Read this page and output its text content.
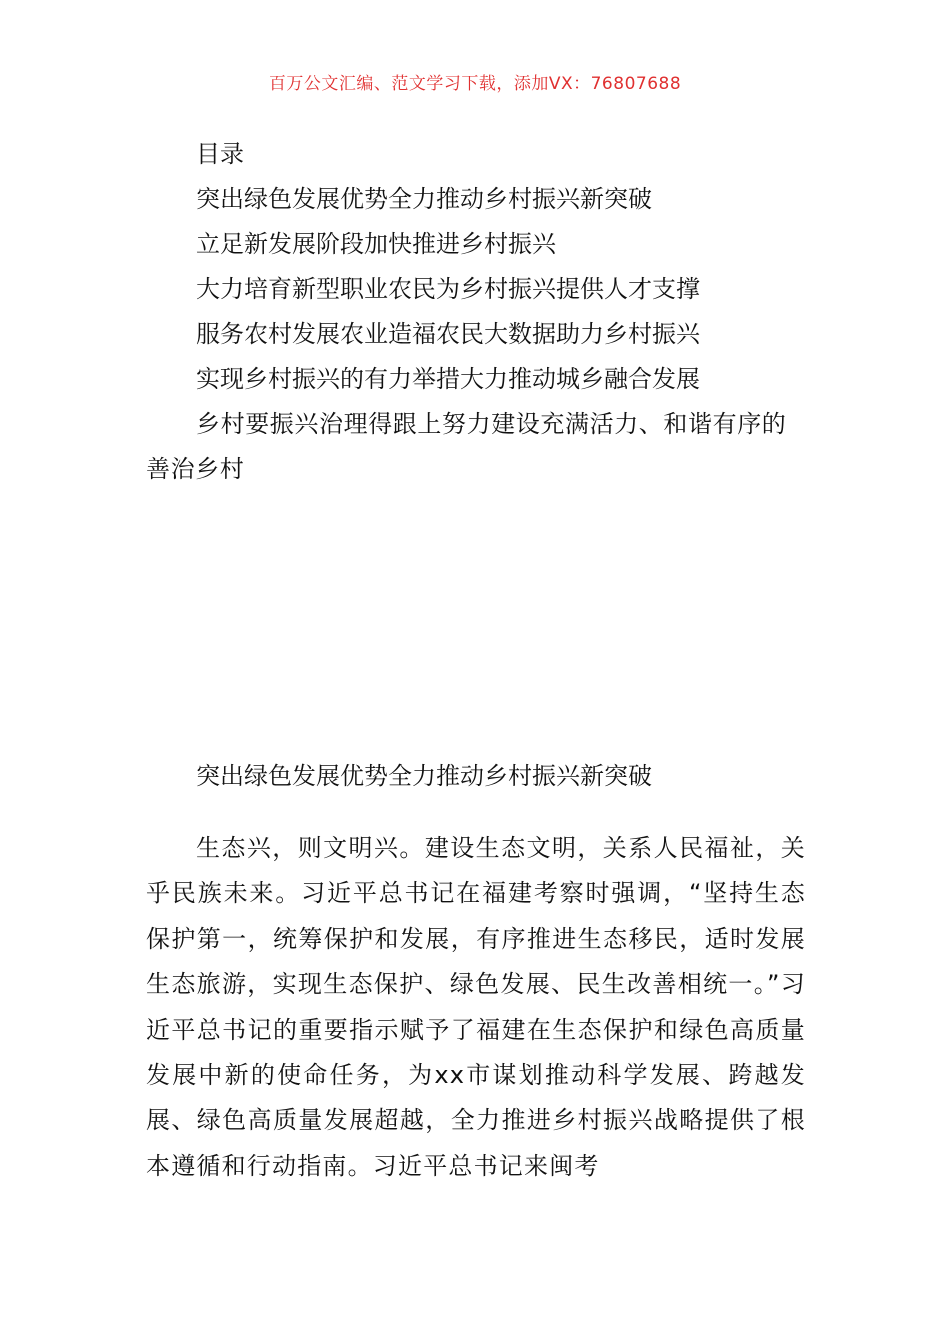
百万公文汇编、范文学习下载，添加VX：76807688
目录
突出绿色发展优势全力推动乡村振兴新突破
立足新发展阶段加快推进乡村振兴
大力培育新型职业农民为乡村振兴提供人才支撑
服务农村发展农业造福农民大数据助力乡村振兴
实现乡村振兴的有力举措大力推动城乡融合发展
乡村要振兴治理得跟上努力建设充满活力、和谐有序的善治乡村
突出绿色发展优势全力推动乡村振兴新突破
生态兴，则文明兴。建设生态文明，关系人民福祉，关乎民族未来。习近平总书记在福建考察时强调，“坚持生态保护第一，统筹保护和发展，有序推进生态移民，适时发展生态旅游，实现生态保护、绿色发展、民生改善相统一。”习近平总书记的重要指示赋予了福建在生态保护和绿色高质量发展中新的使命任务，为xx市谋划推动科学发展、跨越发展、绿色高质量发展超越，全力推进乡村振兴战略提供了根本遵循和行动指南。习近平总书记来闽考
